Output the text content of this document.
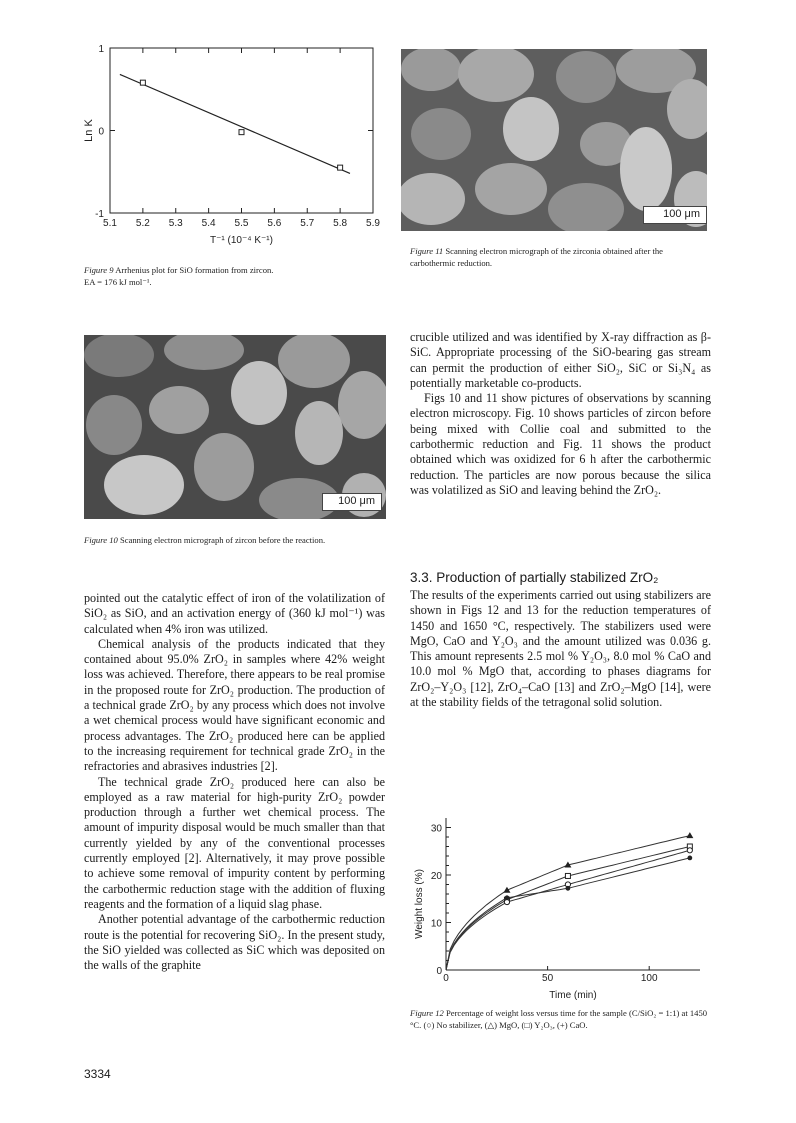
5.1 5.2 5.3 5.4 5.5 5.6 5.7 5.8 5.9
1
0
-1
T⁻¹ (10⁻⁴ K⁻¹)
Ln K
Figure 9 Arrhenius plot for SiO formation from zircon.
EA = 176 kJ mol⁻¹.
100 μm
Figure 11 Scanning electron micrograph of the zirconia obtained after the carbothermic reduction.
100 μm
Figure 10 Scanning electron micrograph of zircon before the reaction.

crucible utilized and was identified by X-ray diffraction as β-SiC. Appropriate processing of the SiO-bearing gas stream can permit the production of either SiO₂, SiC or Si₃N₄ as potentially marketable co-products.

Figs 10 and 11 show pictures of observations by scanning electron microscopy. Fig. 10 shows particles of zircon before being mixed with Collie coal and submitted to the carbothermic reduction and Fig. 11 shows the product obtained which was oxidized for 6 h after the carbothermic reduction. The particles are now porous because the silica was volatilized as SiO and leaving behind the ZrO₂.

3.3. Production of partially stabilized ZrO₂

The results of the experiments carried out using stabilizers are shown in Figs 12 and 13 for the reduction temperatures of 1450 and 1650 °C, respectively. The stabilizers used were MgO, CaO and Y₂O₃ and the amount utilized was 0.036 g. This amount represents 2.5 mol % Y₂O₃, 8.0 mol % CaO and 10.0 mol % MgO that, according to phases diagrams for ZrO₂–Y₂O₃ [12], ZrO₄–CaO [13] and ZrO₂–MgO [14], were at the stability fields of the tetragonal solid solution.

pointed out the catalytic effect of iron of the volatilization of SiO₂ as SiO, and an activation energy of (360 kJ mol⁻¹) was calculated when 4% iron was utilized.

Chemical analysis of the products indicated that they contained about 95.0% ZrO₂ in samples where 42% weight loss was achieved. Therefore, there appears to be real promise in the proposed route for ZrO₂ production. The production of a technical grade ZrO₂ by any process which does not involve a wet chemical process would have significant economic and process advantages. The ZrO₂ produced here can be applied to the increasing requirement for technical grade ZrO₂ in the refractories and abrasives industries [2].

The technical grade ZrO₂ produced here can also be employed as a raw material for high-purity ZrO₂ powder production through a further wet chemical process. The amount of impurity disposal would be much smaller than that currently yielded by any of the conventional processes currently employed [2]. Alternatively, it may prove possible to achieve some removal of impurity content by performing the carbothermic reduction stage with the addition of fluxing reagents and the formation of a liquid slag phase.

Another potential advantage of the carbothermic reduction route is the potential for recovering SiO₂. In the present study, the SiO yielded was collected as SiC which was deposited on the walls of the graphite

0	50	100
0
10
20
30
Time (min)
Weight loss (%)
Figure 12 Percentage of weight loss versus time for the sample (C/SiO₂ = 1:1) at 1450 °C. (○) No stabilizer, (△) MgO, (□) Y₂O₃, (+) CaO.
3334
